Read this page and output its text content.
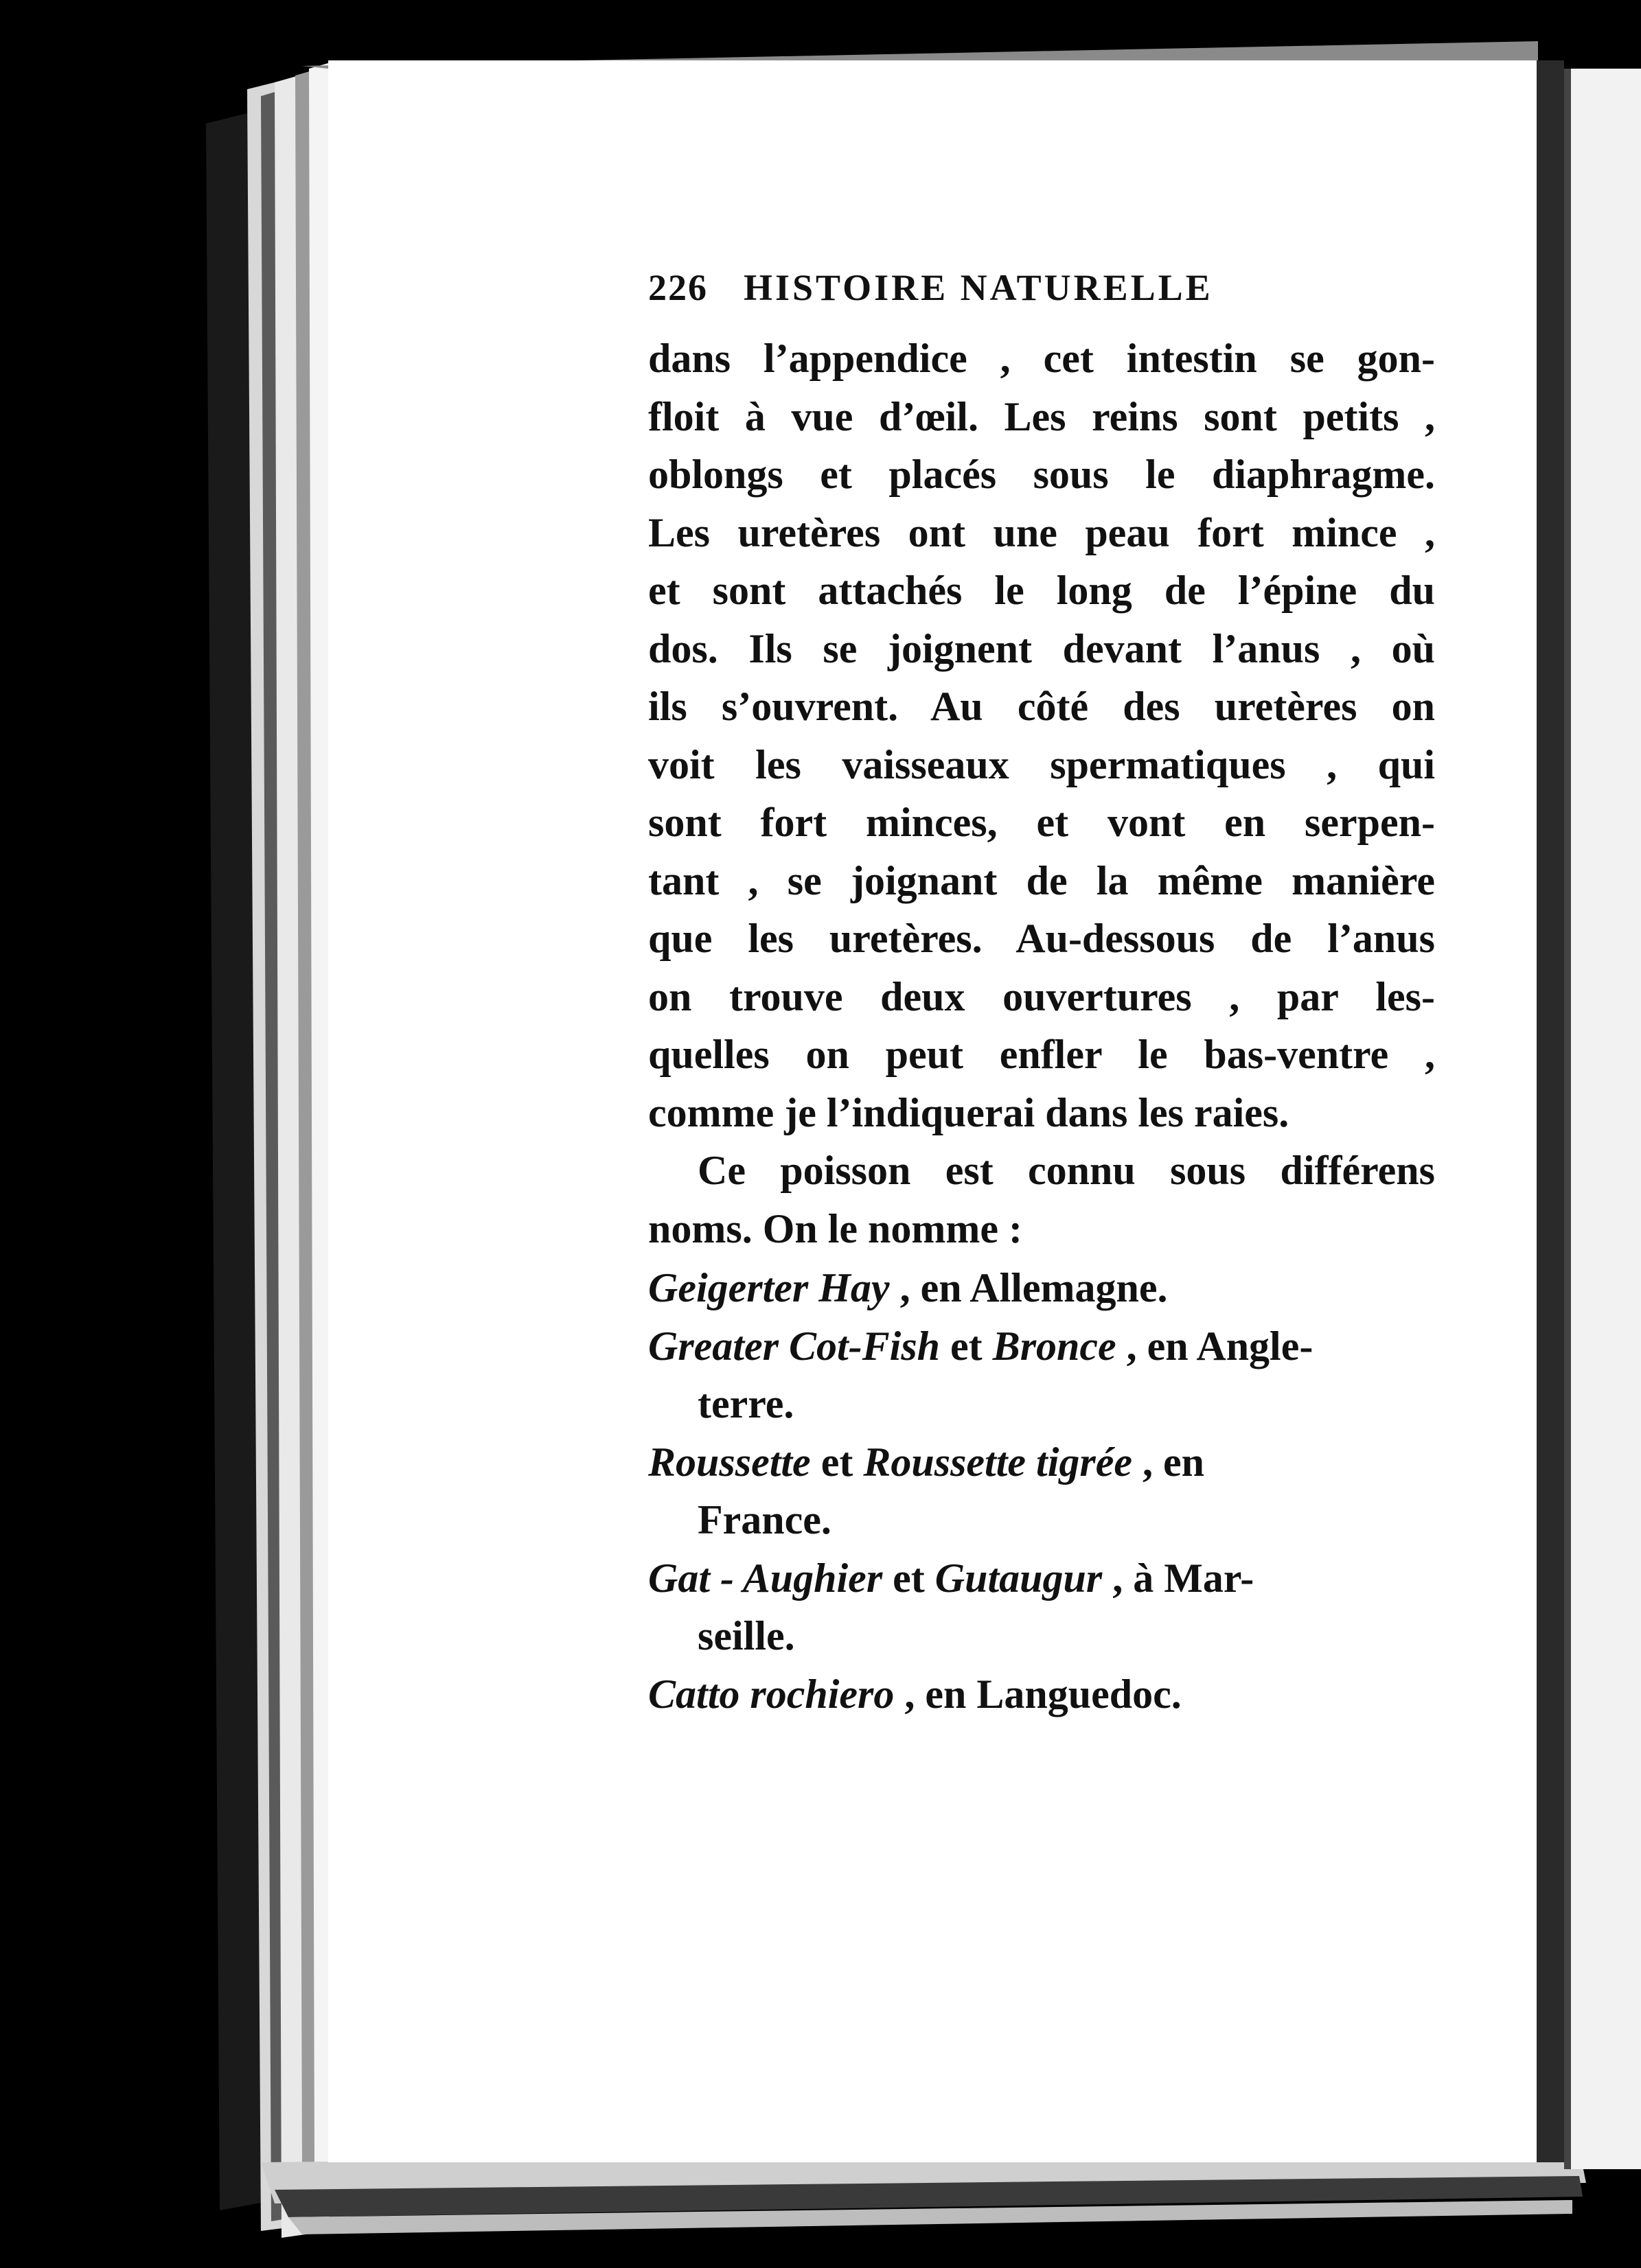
226 HISTOIRE NATURELLE
dans l’appendice , cet intestin se gon-
floit à vue d’œil. Les reins sont petits ,
oblongs et placés sous le diaphragme.
Les uretères ont une peau fort mince ,
et sont attachés le long de l’épine du
dos. Ils se joignent devant l’anus , où
ils s’ouvrent. Au côté des uretères on
voit les vaisseaux spermatiques , qui
sont fort minces, et vont en serpen-
tant , se joignant de la même manière
que les uretères. Au-dessous de l’anus
on trouve deux ouvertures , par les-
quelles on peut enfler le bas-ventre ,
comme je l’indiquerai dans les raies.
Ce poisson est connu sous différens
noms. On le nomme :
Geigerter Hay , en Allemagne.
Greater Cot-Fish et Bronce , en Angle-
terre.
Roussette et Roussette tigrée , en
France.
Gat - Aughier et Gutaugur , à Mar-
seille.
Catto rochiero , en Languedoc.
